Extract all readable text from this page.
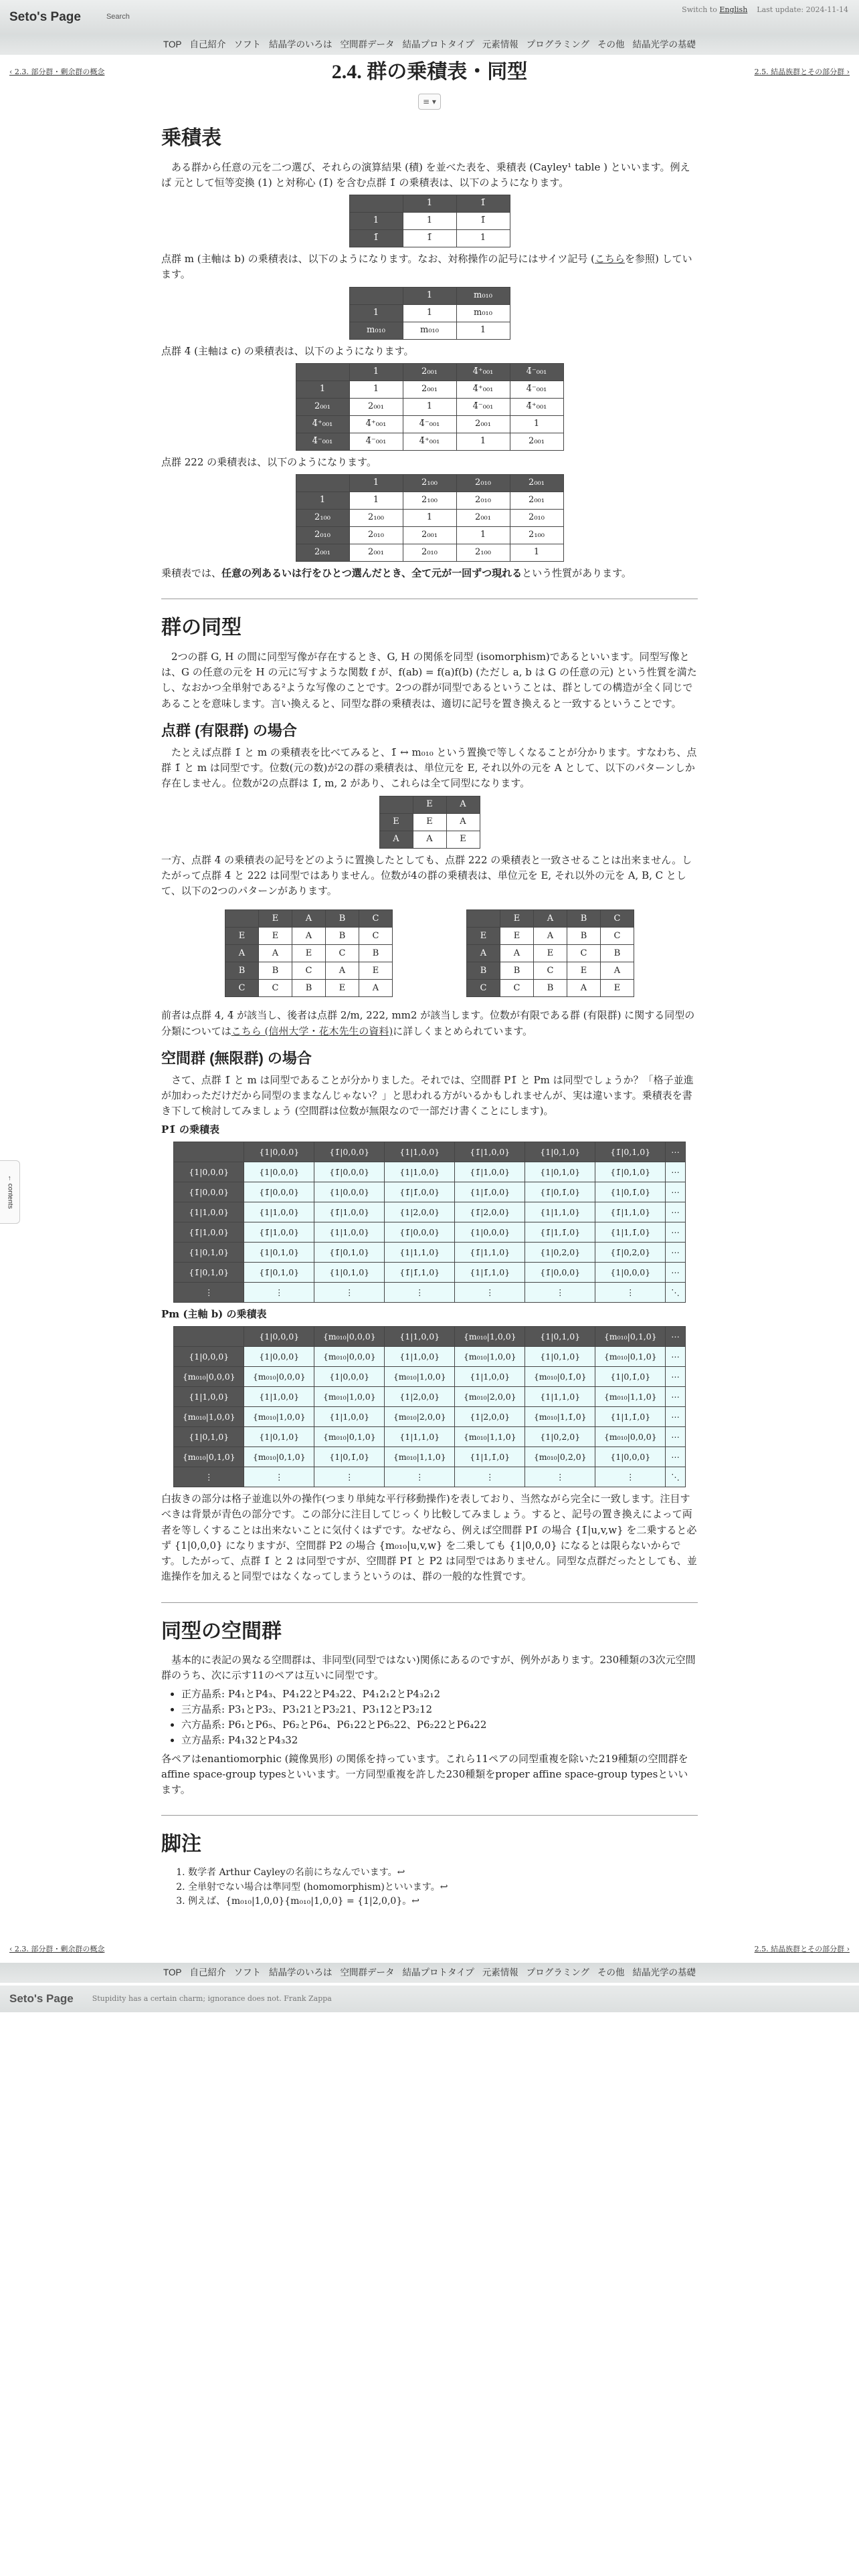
Seto's Page	Search
Switch to English Last update: 2024-11-14
TOP 自己紹介 ソフト 結晶学のいろは 空間群データ 結晶プロトタイプ 元素情報 プログラミング その他 結晶光学の基礎
‹ 2.3. 部分群・剰余群の概念	2.4. 群の乗積表・同型	2.5. 結晶族群とその部分群 ›
≡ ▾
← contents
乗積表

ある群から任意の元を二つ選び、それらの演算結果 (積) を並べた表を、乗積表 (Cayley¹ table ) といいます。例えば 元として恒等変換 (1) と対称心 (1̄) を含む点群 1̄ の乗積表は、以下のようになります。

	1	1̄
1	1	1̄
1̄	1̄	1

点群 m (主軸は b) の乗積表は、以下のようになります。なお、対称操作の記号にはサイツ記号 (こちらを参照) しています。

	1	m₀₁₀
1	1	m₀₁₀
m₀₁₀	m₀₁₀	1

点群 4̄ (主軸は c) の乗積表は、以下のようになります。

	1	2₀₀₁	4̄⁺₀₀₁	4̄⁻₀₀₁
1	1	2₀₀₁	4̄⁺₀₀₁	4̄⁻₀₀₁
2₀₀₁	2₀₀₁	1	4̄⁻₀₀₁	4̄⁺₀₀₁
4̄⁺₀₀₁	4̄⁺₀₀₁	4̄⁻₀₀₁	2₀₀₁	1
4̄⁻₀₀₁	4̄⁻₀₀₁	4̄⁺₀₀₁	1	2₀₀₁

点群 222 の乗積表は、以下のようになります。

	1	2₁₀₀	2₀₁₀	2₀₀₁
1	1	2₁₀₀	2₀₁₀	2₀₀₁
2₁₀₀	2₁₀₀	1	2₀₀₁	2₀₁₀
2₀₁₀	2₀₁₀	2₀₀₁	1	2₁₀₀
2₀₀₁	2₀₀₁	2₀₁₀	2₁₀₀	1

乗積表では、任意の列あるいは行をひとつ選んだとき、全て元が一回ずつ現れるという性質があります。

群の同型

2つの群 G, H の間に同型写像が存在するとき、G, H の関係を同型 (isomorphism)であるといいます。同型写像とは、G の任意の元を H の元に写すような関数 f が、f(ab) = f(a)f(b) (ただし a, b は G の任意の元) という性質を満たし、なおかつ全単射である²ような写像のことです。2つの群が同型であるということは、群としての構造が全く同じであることを意味します。言い換えると、同型な群の乗積表は、適切に記号を置き換えると一致するということです。

点群 (有限群) の場合

たとえば点群 1̄ と m の乗積表を比べてみると、1̄ ↔ m₀₁₀ という置換で等しくなることが分かります。すなわち、点群 1̄ と m は同型です。位数(元の数)が2の群の乗積表は、単位元を E, それ以外の元を A として、以下のパターンしか存在しません。位数が2の点群は 1̄, m, 2 があり、これらは全て同型になります。

	E	A
E	E	A
A	A	E

一方、点群 4̄ の乗積表の記号をどのように置換したとしても、点群 222 の乗積表と一致させることは出来ません。したがって点群 4̄ と 222 は同型ではありません。位数が4の群の乗積表は、単位元を E, それ以外の元を A, B, C として、以下の2つのパターンがあります。

	E	A	B	C
E	E	A	B	C
A	A	E	C	B
B	B	C	A	E
C	C	B	E	A
	E	A	B	C
E	E	A	B	C
A	A	E	C	B
B	B	C	E	A
C	C	B	A	E

前者は点群 4, 4̄ が該当し、後者は点群 2/m, 222, mm2 が該当します。位数が有限である群 (有限群) に関する同型の分類についてはこちら (信州大学・花木先生の資料)に詳しくまとめられています。

空間群 (無限群) の場合

さて、点群 1̄ と m は同型であることが分かりました。それでは、空間群 P1̄ と Pm は同型でしょうか？「格子並進が加わっただけだから同型のままなんじゃない？」と思われる方がいるかもしれませんが、実は違います。乗積表を書き下して検討してみましょう (空間群は位数が無限なので一部だけ書くことにします)。

P1̄ の乗積表
	{1|0,0,0}	{1̄|0,0,0}	{1|1,0,0}	{1̄|1,0,0}	{1|0,1,0}	{1̄|0,1,0}	⋯
{1|0,0,0}	{1|0,0,0}	{1̄|0,0,0}	{1|1,0,0}	{1̄|1,0,0}	{1|0,1,0}	{1̄|0,1,0}	⋯
{1̄|0,0,0}	{1̄|0,0,0}	{1|0,0,0}	{1̄|1̄,0,0}	{1|1̄,0,0}	{1̄|0,1̄,0}	{1|0,1̄,0}	⋯
{1|1,0,0}	{1|1,0,0}	{1̄|1,0,0}	{1|2,0,0}	{1̄|2,0,0}	{1|1,1,0}	{1̄|1,1,0}	⋯
{1̄|1,0,0}	{1̄|1,0,0}	{1|1,0,0}	{1̄|0,0,0}	{1|0,0,0}	{1̄|1,1̄,0}	{1|1,1̄,0}	⋯
{1|0,1,0}	{1|0,1,0}	{1̄|0,1,0}	{1|1,1,0}	{1̄|1,1,0}	{1|0,2,0}	{1̄|0,2,0}	⋯
{1̄|0,1,0}	{1̄|0,1,0}	{1|0,1,0}	{1̄|1̄,1,0}	{1|1̄,1,0}	{1̄|0,0,0}	{1|0,0,0}	⋯
⋮	⋮	⋮	⋮	⋮	⋮	⋮	⋱
Pm (主軸 b) の乗積表
	{1|0,0,0}	{m₀₁₀|0,0,0}	{1|1,0,0}	{m₀₁₀|1,0,0}	{1|0,1,0}	{m₀₁₀|0,1,0}	⋯
{1|0,0,0}	{1|0,0,0}	{m₀₁₀|0,0,0}	{1|1,0,0}	{m₀₁₀|1,0,0}	{1|0,1,0}	{m₀₁₀|0,1,0}	⋯
{m₀₁₀|0,0,0}	{m₀₁₀|0,0,0}	{1|0,0,0}	{m₀₁₀|1,0,0}	{1|1,0,0}	{m₀₁₀|0,1̄,0}	{1|0,1̄,0}	⋯
{1|1,0,0}	{1|1,0,0}	{m₀₁₀|1,0,0}	{1|2,0,0}	{m₀₁₀|2,0,0}	{1|1,1,0}	{m₀₁₀|1,1,0}	⋯
{m₀₁₀|1,0,0}	{m₀₁₀|1,0,0}	{1|1,0,0}	{m₀₁₀|2,0,0}	{1|2,0,0}	{m₀₁₀|1,1̄,0}	{1|1,1̄,0}	⋯
{1|0,1,0}	{1|0,1,0}	{m₀₁₀|0,1,0}	{1|1,1,0}	{m₀₁₀|1,1,0}	{1|0,2,0}	{m₀₁₀|0,0,0}	⋯
{m₀₁₀|0,1,0}	{m₀₁₀|0,1,0}	{1|0,1̄,0}	{m₀₁₀|1,1,0}	{1|1,1̄,0}	{m₀₁₀|0,2,0}	{1|0,0,0}	⋯
⋮	⋮	⋮	⋮	⋮	⋮	⋮	⋱

白抜きの部分は格子並進以外の操作(つまり単純な平行移動操作)を表しており、当然ながら完全に一致します。注目すべきは背景が青色の部分です。この部分に注目してじっくり比較してみましょう。すると、記号の置き換えによって両者を等しくすることは出来ないことに気付くはずです。なぜなら、例えば空間群 P1̄ の場合 {1̄|u,v,w} を二乗すると必ず {1|0,0,0} になりますが、空間群 P2 の場合 {m₀₁₀|u,v,w} を二乗しても {1|0,0,0} になるとは限らないからです。したがって、点群 1̄ と 2 は同型ですが、空間群 P1̄ と P2 は同型ではありません。同型な点群だったとしても、並進操作を加えると同型ではなくなってしまうというのは、群の一般的な性質です。

同型の空間群

基本的に表記の異なる空間群は、非同型(同型ではない)関係にあるのですが、例外があります。230種類の3次元空間群のうち、次に示す11のペアは互いに同型です。

• 正方晶系: P4₁とP4₃、P4₁22とP4₃22、P4₁2₁2とP4₃2₁2
• 三方晶系: P3₁とP3₂、P3₁21とP3₂21、P3₁12とP3₂12
• 六方晶系: P6₁とP6₅、P6₂とP6₄、P6₁22とP6₅22、P6₂22とP6₄22
• 立方晶系: P4₁32とP4₃32

各ペアはenantiomorphic (鏡像異形) の関係を持っています。これら11ペアの同型重複を除いた219種類の空間群をaffine space-group typesといいます。一方同型重複を許した230種類をproper affine space-group typesといいます。

脚注
1. 数学者 Arthur Cayleyの名前にちなんでいます。↩
2. 全単射でない場合は準同型 (homomorphism)といいます。↩
3. 例えば、{m₀₁₀|1,0,0}{m₀₁₀|1,0,0} = {1|2,0,0}。↩
‹ 2.3. 部分群・剰余群の概念	2.5. 結晶族群とその部分群 ›
TOP 自己紹介 ソフト 結晶学のいろは 空間群データ 結晶プロトタイプ 元素情報 プログラミング その他 結晶光学の基礎
Seto's Page	Stupidity has a certain charm; ignorance does not. Frank Zappa
